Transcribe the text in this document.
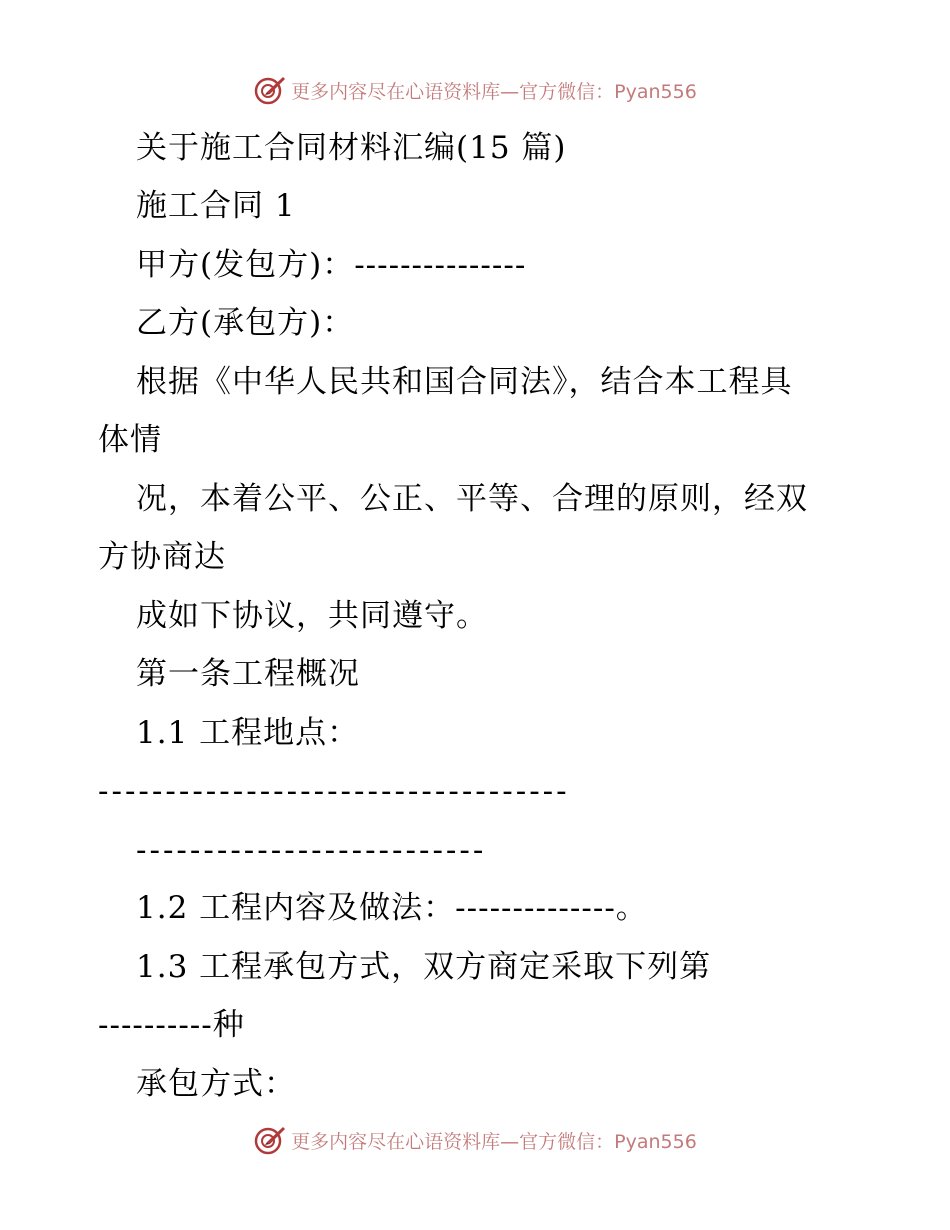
更多内容尽在心语资料库—官方微信：Pyan556
关于施工合同材料汇编(15 篇)
施工合同 1
甲方(发包方)：---------------
乙方(承包方)：
根据《中华人民共和国合同法》，结合本工程具
体情
况，本着公平、公正、平等、合理的原则，经双
方协商达
成如下协议，共同遵守。
第一条工程概况
1.1 工程地点：
-----------------------------------
--------------------------
1.2 工程内容及做法：--------------。
1.3 工程承包方式，双方商定采取下列第
----------种
承包方式：
更多内容尽在心语资料库—官方微信：Pyan556
